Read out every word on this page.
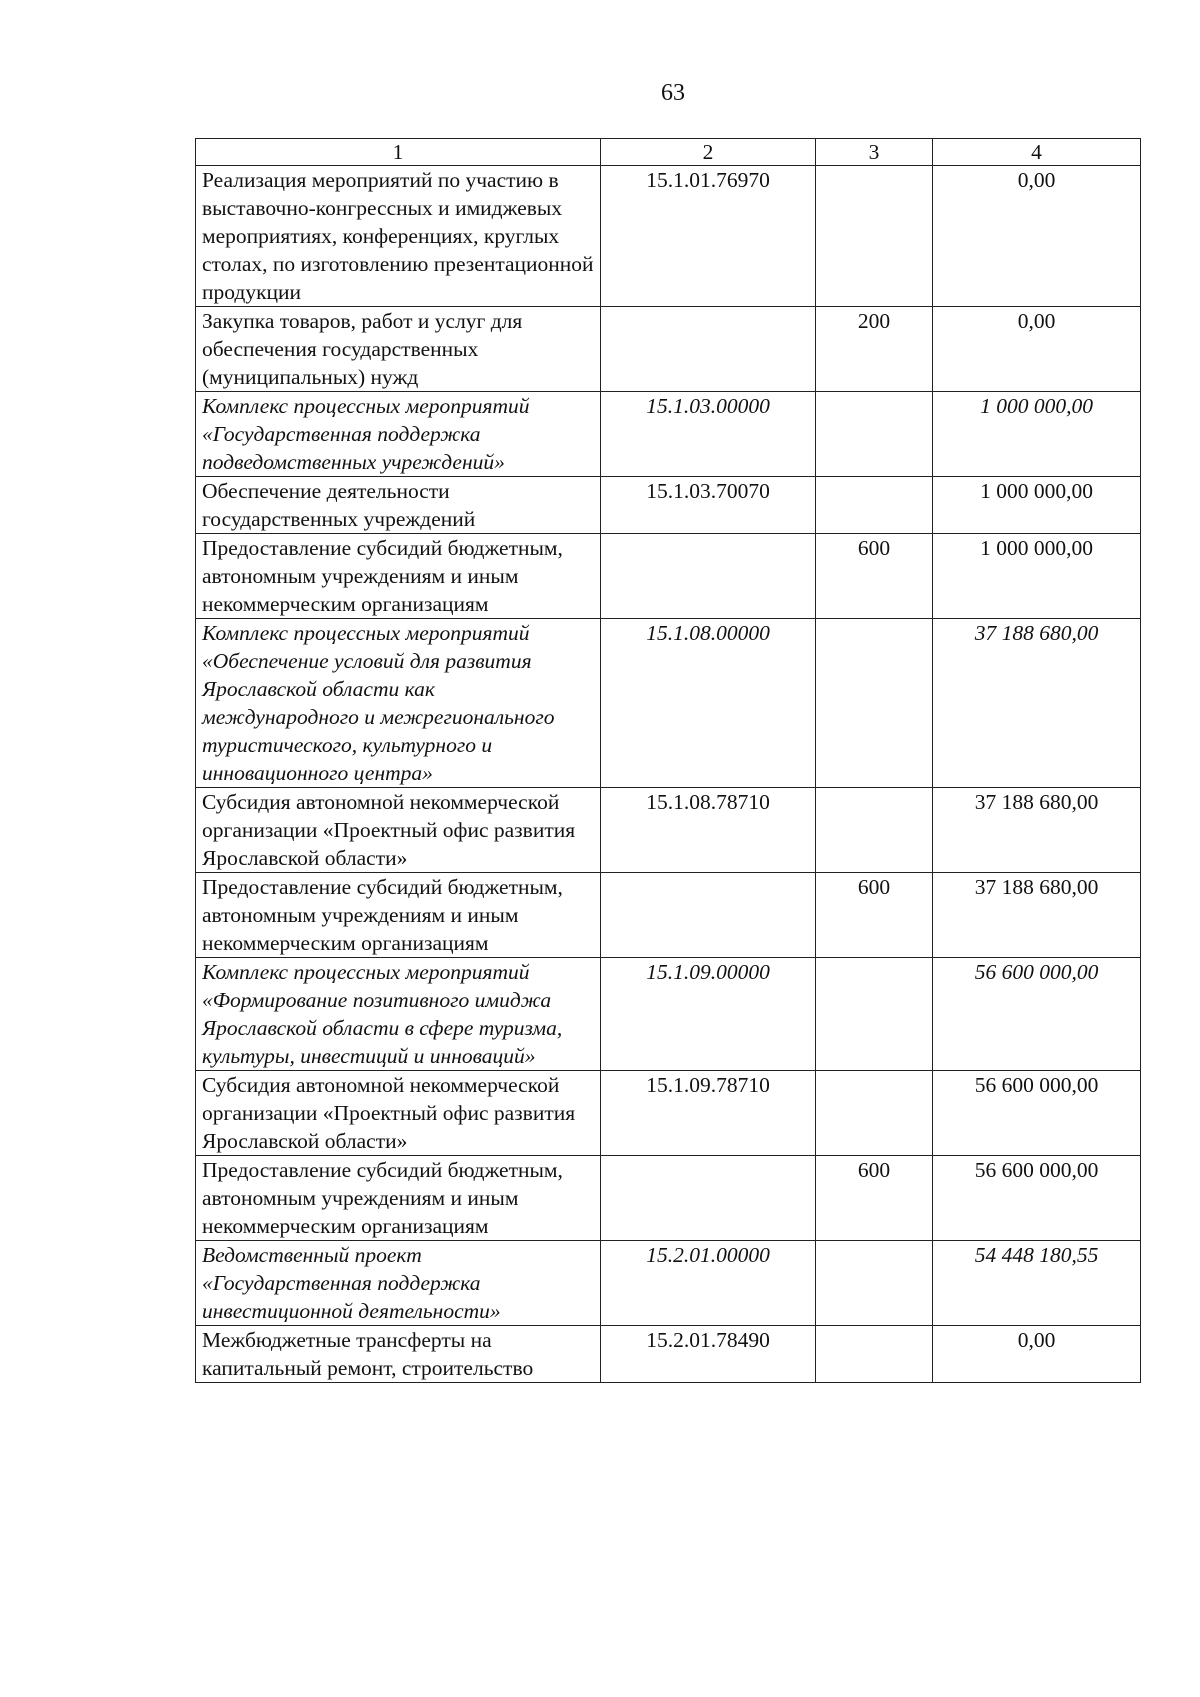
63
1	2	3	4
Реализация мероприятий по участию в выставочно-конгрессных и имиджевых мероприятиях, конференциях, круглых столах, по изготовлению презентационной продукции	15.1.01.76970		0,00
Закупка товаров, работ и услуг для обеспечения государственных (муниципальных) нужд		200	0,00
Комплекс процессных мероприятий «Государственная поддержка подведомственных учреждений»	15.1.03.00000		1 000 000,00
Обеспечение деятельности государственных учреждений	15.1.03.70070		1 000 000,00
Предоставление субсидий бюджетным, автономным учреждениям и иным некоммерческим организациям		600	1 000 000,00
Комплекс процессных мероприятий «Обеспечение условий для развития Ярославской области как международного и межрегионального туристического, культурного и инновационного центра»	15.1.08.00000		37 188 680,00
Субсидия автономной некоммерческой организации «Проектный офис развития Ярославской области»	15.1.08.78710		37 188 680,00
Предоставление субсидий бюджетным, автономным учреждениям и иным некоммерческим организациям		600	37 188 680,00
Комплекс процессных мероприятий «Формирование позитивного имиджа Ярославской области в сфере туризма, культуры, инвестиций и инноваций»	15.1.09.00000		56 600 000,00
Субсидия автономной некоммерческой организации «Проектный офис развития Ярославской области»	15.1.09.78710		56 600 000,00
Предоставление субсидий бюджетным, автономным учреждениям и иным некоммерческим организациям		600	56 600 000,00
Ведомственный проект «Государственная поддержка инвестиционной деятельности»	15.2.01.00000		54 448 180,55
Межбюджетные трансферты на капитальный ремонт, строительство	15.2.01.78490		0,00
